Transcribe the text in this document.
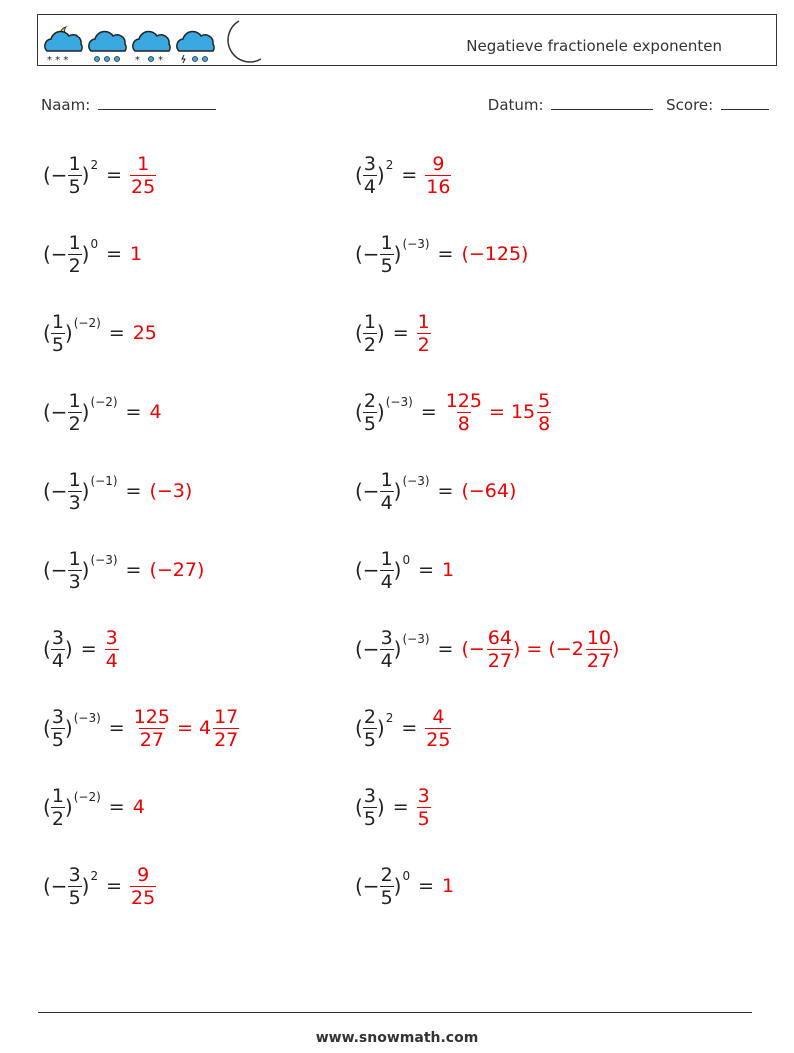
* * *	* *
Negatieve fractionele exponenten
Naam:	Datum:	Score:
(− $\frac{1}{5}$ ) $2 = \frac{1}{25}$	( $\frac{3}{4}$ ) $2 = \frac{9}{16}$
(− $\frac{1}{2}$ ) 0 = 1	(− $\frac{1}{5}$ ) (−3) = (−125)
( $\frac{1}{5}$ ) (−2) = 25	( $\frac{1}{2}$ ) = $\frac{1}{2}$
(− $\frac{1}{2}$ ) (−2) = 4	( $\frac{2}{5}$ ) $(-3) = \frac{125}{8} = 15 \frac{5}{8}$
(− $\frac{1}{3}$ ) (−1) = (−3)	(− $\frac{1}{4}$ ) (−3) = (−64)
(− $\frac{1}{3}$ ) (−3) = (−27)	(− $\frac{1}{4}$ ) 0 = 1
( $\frac{3}{4}$ ) = $\frac{3}{4}$	(− $\frac{3}{4}$ ) (−3) = (− $\frac{64}{27}$ ) = ($-2 \frac{10}{27}$ )
( $\frac{3}{5}$ ) $(-3) = \frac{125}{27} = 4 \frac{17}{27}$	( $\frac{2}{5}$ ) $2 = \frac{4}{25}$
( $\frac{1}{2}$ ) (−2) = 4	( $\frac{3}{5}$ ) = $\frac{3}{5}$
(− $\frac{3}{5}$ ) $2 = \frac{9}{25}$	(− $\frac{2}{5}$ ) 0 = 1
www.snowmath.com
